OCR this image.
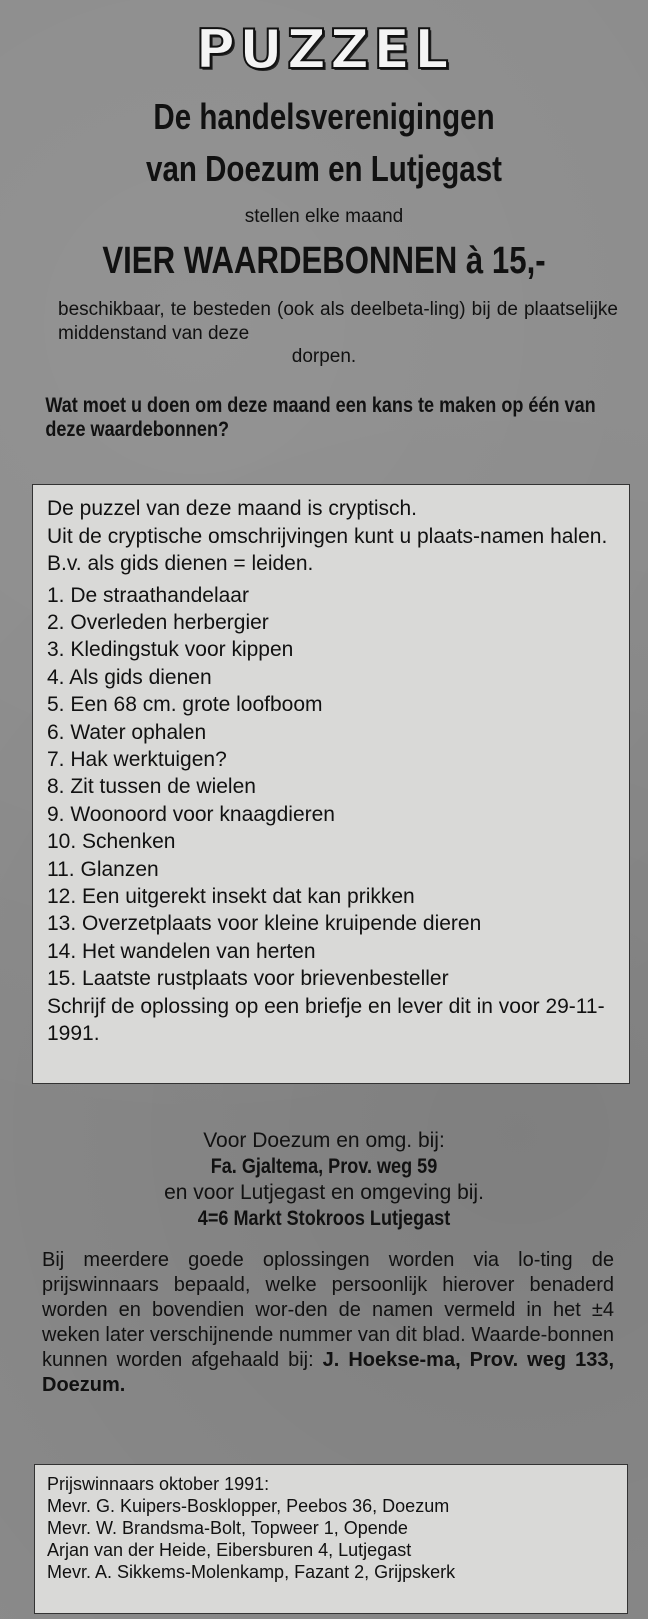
PUZZEL
De handelsverenigingen
van Doezum en Lutjegast
stellen elke maand
VIER WAARDEBONNEN à 15,-
beschikbaar, te besteden (ook als deelbeta-ling) bij de plaatselijke middenstand van deze
dorpen.
Wat moet u doen om deze maand een kans te maken op één van deze waardebonnen?

De puzzel van deze maand is cryptisch.

Uit de cryptische omschrijvingen kunt u plaats-namen halen. B.v. als gids dienen = leiden.

1. De straathandelaar
2. Overleden herbergier
3. Kledingstuk voor kippen
4. Als gids dienen
5. Een 68 cm. grote loofboom
6. Water ophalen
7. Hak werktuigen?
8. Zit tussen de wielen
9. Woonoord voor knaagdieren
10. Schenken
11. Glanzen
12. Een uitgerekt insekt dat kan prikken
13. Overzetplaats voor kleine kruipende dieren
14. Het wandelen van herten
15. Laatste rustplaats voor brievenbesteller

Schrijf de oplossing op een briefje en lever dit in voor 29-11-1991.

Voor Doezum en omg. bij:

Fa. Gjaltema, Prov. weg 59
en voor Lutjegast en omgeving bij.

4=6 Markt Stokroos Lutjegast
Bij meerdere goede oplossingen worden via lo-ting de prijswinnaars bepaald, welke persoonlijk hierover benaderd worden en bovendien wor-den de namen vermeld in het ±4 weken later verschijnende nummer van dit blad. Waarde-bonnen kunnen worden afgehaald bij: J. Hoekse-ma, Prov. weg 133, Doezum.

Prijswinnaars oktober 1991:

Mevr. G. Kuipers-Bosklopper, Peebos 36, Doezum

Mevr. W. Brandsma-Bolt, Topweer 1, Opende

Arjan van der Heide, Eibersburen 4, Lutjegast

Mevr. A. Sikkems-Molenkamp, Fazant 2, Grijpskerk
